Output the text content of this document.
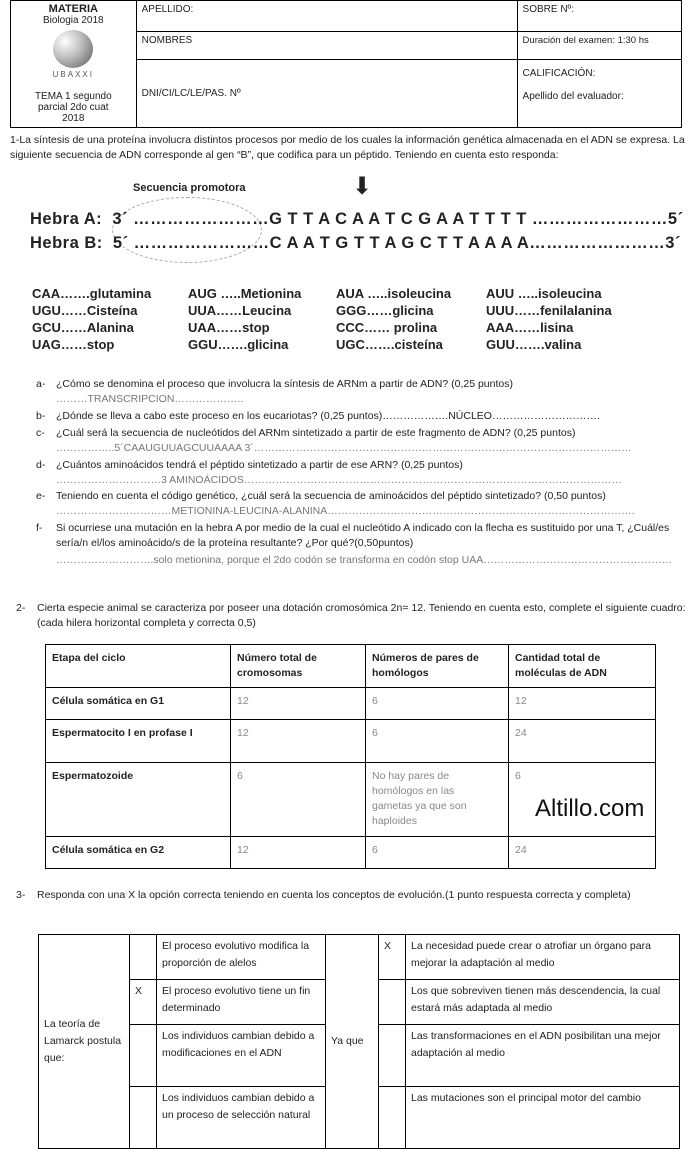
MATERIA
Biologia 2018
UBAXXI
TEMA 1 segundo parcial 2do cuat 2018	APELLIDO:	SOBRE Nº:
	NOMBRES	Duración del examen: 1:30 hs
	DNI/CI/LC/LE/PAS. Nº	CALIFICACIÓN:
Apellido del evaluador:
1-La síntesis de una proteína involucra distintos procesos por medio de los cuales la información genética almacenada en el ADN se expresa. La siguiente secuencia de ADN corresponde al gen “B”, que codifica para un péptido. Teniendo en cuenta esto responda:
Secuencia promotora	⬇
Hebra A:  3´ ……………………G T T A C A A T C G A A T T T T ……………………5´
Hebra B:  5´ ……………………C A A T G T T A G C T T A A A A……………………3´
CAA…….glutamina	AUG …..Metionina	AUA …..isoleucina	AUU …..isoleucina
UGU……Cisteína	UUA……Leucina	GGG……glicina	UUU……fenilalanina
GCU……Alanina	UAA……stop	CCC…… prolina	AAA……lisina
UAG……stop	GGU…….glicina	UGC…….cisteína	GUU…….valina
a- ¿Cómo se denomina el proceso que involucra la síntesis de ARNm a partir de ADN? (0,25 puntos)
………TRANSCRIPCION………………..
b- ¿Dónde se lleva a cabo este proceso en los eucariotas? (0,25 puntos)……………….NÚCLEO………………………….
c- ¿Cuál será la secuencia de nucleótidos del ARNm sintetizado a partir de este fragmento de ADN? (0,25 puntos)
……………..5´CAAUGUUAGCUUAAAA 3´………………………………………………………………………………………………
d- ¿Cuántos aminoácidos tendrá el péptido sintetizado a partir de ese ARN? (0,25 puntos)
…………………………3 AMINOÁCIDOS………………………………………………………………………………………………
e- Teniendo en cuenta el código genético, ¿cuál será la secuencia de aminoácidos del péptido sintetizado? (0,50 puntos)
……………………………METIONINA-LEUCINA-ALANINA…………………………………………………………………………….
f- Si ocurriese una mutación en la hebra A por medio de la cual el nucleótido A indicado con la flecha es sustituido por una T, ¿Cuál/es sería/n el/los aminoácido/s de la proteína resultante? ¿Por qué?(0,50puntos)
……………………….solo metionina, porque el 2do codón se transforma en codón stop UAA………………………………………………
2- Cierta especie animal se caracteriza por poseer una dotación cromosómica 2n= 12. Teniendo en cuenta esto, complete el siguiente cuadro: (cada hilera horizontal completa y correcta 0,5)
Etapa del ciclo	Número total de cromosomas	Números de pares de homólogos	Cantidad total de moléculas de ADN
Célula somática en G1	12	6	12
Espermatocito I en profase I	12	6	24
Espermatozoide	6	No hay pares de homólogos en las gametas ya que son haploides	6
Célula somática en G2	12	6	24
Altillo.com
3- Responda con una X la opción correcta teniendo en cuenta los conceptos de evolución.(1 punto respuesta correcta y completa)
La teoría de Lamarck postula que:		El proceso evolutivo modifica la proporción de alelos	Ya que	X	La necesidad puede crear o atrofiar un órgano para mejorar la adaptación al medio
	X	El proceso evolutivo tiene un fin determinado			Los que sobreviven tienen más descendencia, la cual estará más adaptada al medio
		Los individuos cambian debido a modificaciones en el ADN			Las transformaciones en el ADN posibilitan una mejor adaptación al medio
		Los individuos cambian debido a un proceso de selección natural			Las mutaciones son el principal motor del cambio
